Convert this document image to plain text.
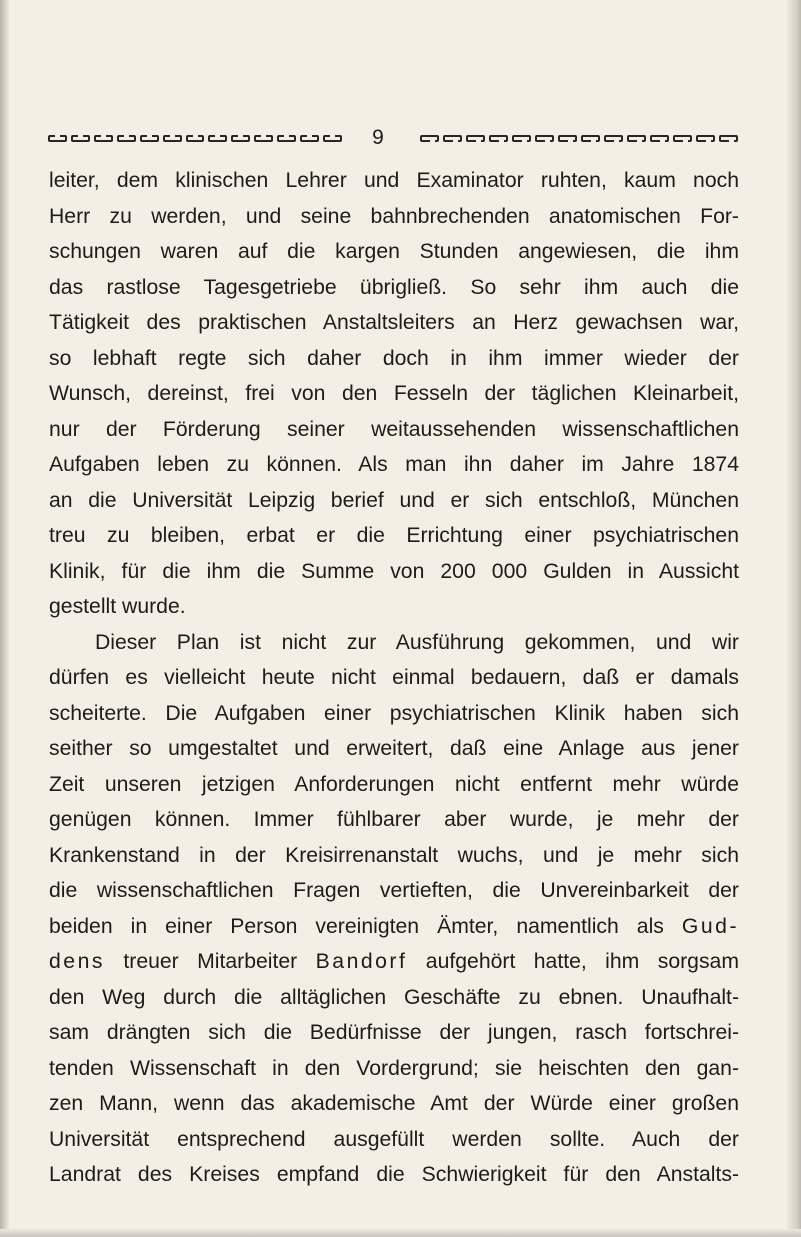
9
leiter, dem klinischen Lehrer und Examinator ruhten, kaum noch
Herr zu werden, und seine bahnbrechenden anatomischen For-
schungen waren auf die kargen Stunden angewiesen, die ihm
das rastlose Tagesgetriebe übrigließ. So sehr ihm auch die
Tätigkeit des praktischen Anstaltsleiters an Herz gewachsen war,
so lebhaft regte sich daher doch in ihm immer wieder der
Wunsch, dereinst, frei von den Fesseln der täglichen Kleinarbeit,
nur der Förderung seiner weitaussehenden wissenschaftlichen
Aufgaben leben zu können. Als man ihn daher im Jahre 1874
an die Universität Leipzig berief und er sich entschloß, München
treu zu bleiben, erbat er die Errichtung einer psychiatrischen
Klinik, für die ihm die Summe von 200 000 Gulden in Aussicht
gestellt wurde.
Dieser Plan ist nicht zur Ausführung gekommen, und wir
dürfen es vielleicht heute nicht einmal bedauern, daß er damals
scheiterte. Die Aufgaben einer psychiatrischen Klinik haben sich
seither so umgestaltet und erweitert, daß eine Anlage aus jener
Zeit unseren jetzigen Anforderungen nicht entfernt mehr würde
genügen können. Immer fühlbarer aber wurde, je mehr der
Krankenstand in der Kreisirrenanstalt wuchs, und je mehr sich
die wissenschaftlichen Fragen vertieften, die Unvereinbarkeit der
beiden in einer Person vereinigten Ämter, namentlich als Gud-
dens treuer Mitarbeiter Bandorf aufgehört hatte, ihm sorgsam
den Weg durch die alltäglichen Geschäfte zu ebnen. Unaufhalt-
sam drängten sich die Bedürfnisse der jungen, rasch fortschrei-
tenden Wissenschaft in den Vordergrund; sie heischten den gan-
zen Mann, wenn das akademische Amt der Würde einer großen
Universität entsprechend ausgefüllt werden sollte. Auch der
Landrat des Kreises empfand die Schwierigkeit für den Anstalts-
